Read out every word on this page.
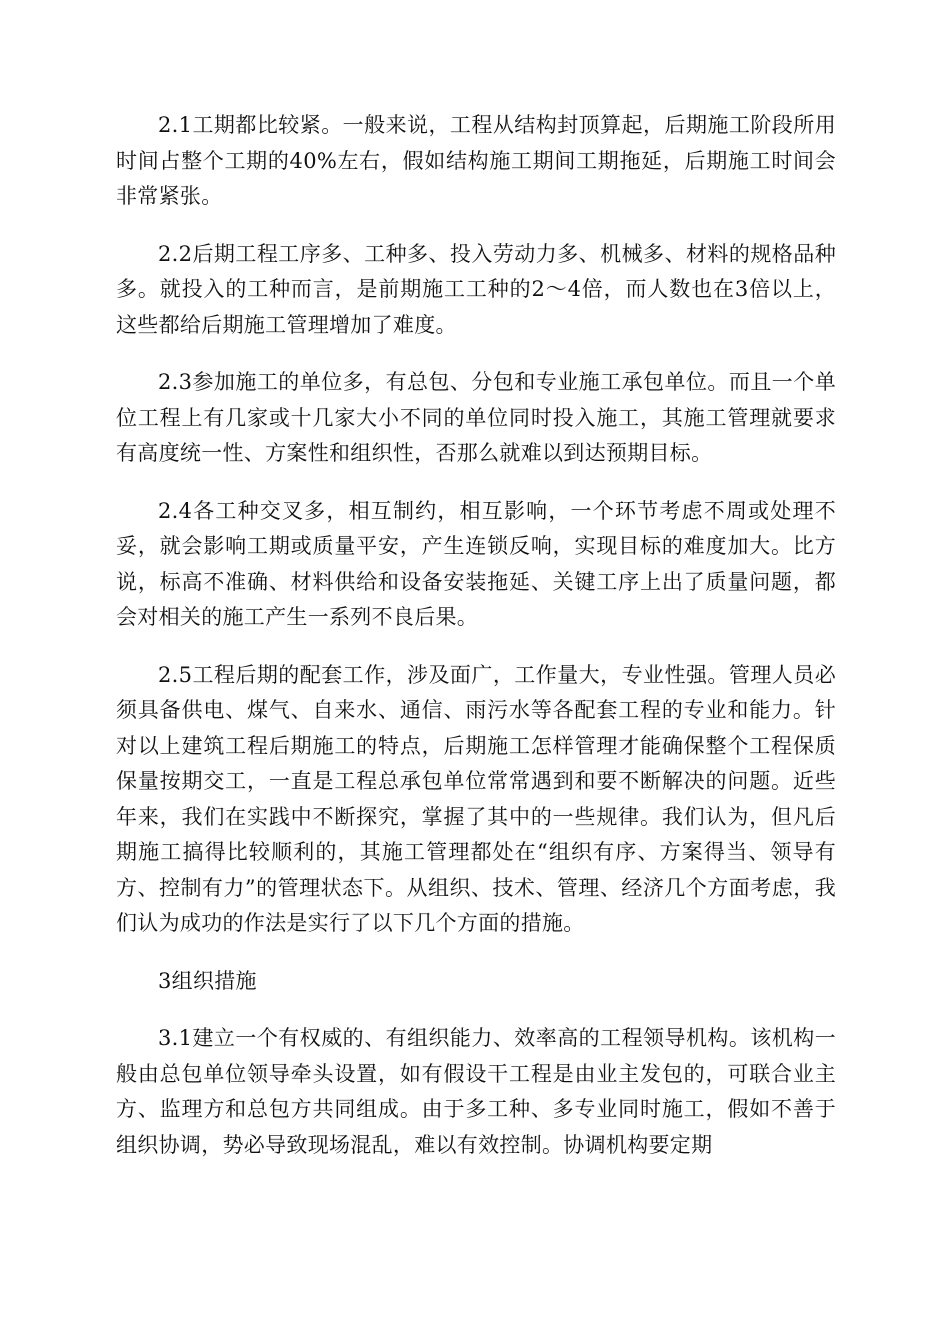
2.1工期都比较紧。一般来说，工程从结构封顶算起，后期施工阶段所用时间占整个工期的40%左右，假如结构施工期间工期拖延，后期施工时间会非常紧张。

2.2后期工程工序多、工种多、投入劳动力多、机械多、材料的规格品种多。就投入的工种而言，是前期施工工种的2～4倍，而人数也在3倍以上，这些都给后期施工管理增加了难度。

2.3参加施工的单位多，有总包、分包和专业施工承包单位。而且一个单位工程上有几家或十几家大小不同的单位同时投入施工，其施工管理就要求有高度统一性、方案性和组织性，否那么就难以到达预期目标。

2.4各工种交叉多，相互制约，相互影响，一个环节考虑不周或处理不妥，就会影响工期或质量平安，产生连锁反响，实现目标的难度加大。比方说，标高不准确、材料供给和设备安装拖延、关键工序上出了质量问题，都会对相关的施工产生一系列不良后果。

2.5工程后期的配套工作，涉及面广，工作量大，专业性强。管理人员必须具备供电、煤气、自来水、通信、雨污水等各配套工程的专业和能力。针对以上建筑工程后期施工的特点，后期施工怎样管理才能确保整个工程保质保量按期交工，一直是工程总承包单位常常遇到和要不断解决的问题。近些年来，我们在实践中不断探究，掌握了其中的一些规律。我们认为，但凡后期施工搞得比较顺利的，其施工管理都处在“组织有序、方案得当、领导有方、控制有力”的管理状态下。从组织、技术、管理、经济几个方面考虑，我们认为成功的作法是实行了以下几个方面的措施。

3组织措施

3.1建立一个有权威的、有组织能力、效率高的工程领导机构。该机构一般由总包单位领导牵头设置，如有假设干工程是由业主发包的，可联合业主方、监理方和总包方共同组成。由于多工种、多专业同时施工，假如不善于组织协调，势必导致现场混乱，难以有效控制。协调机构要定期
